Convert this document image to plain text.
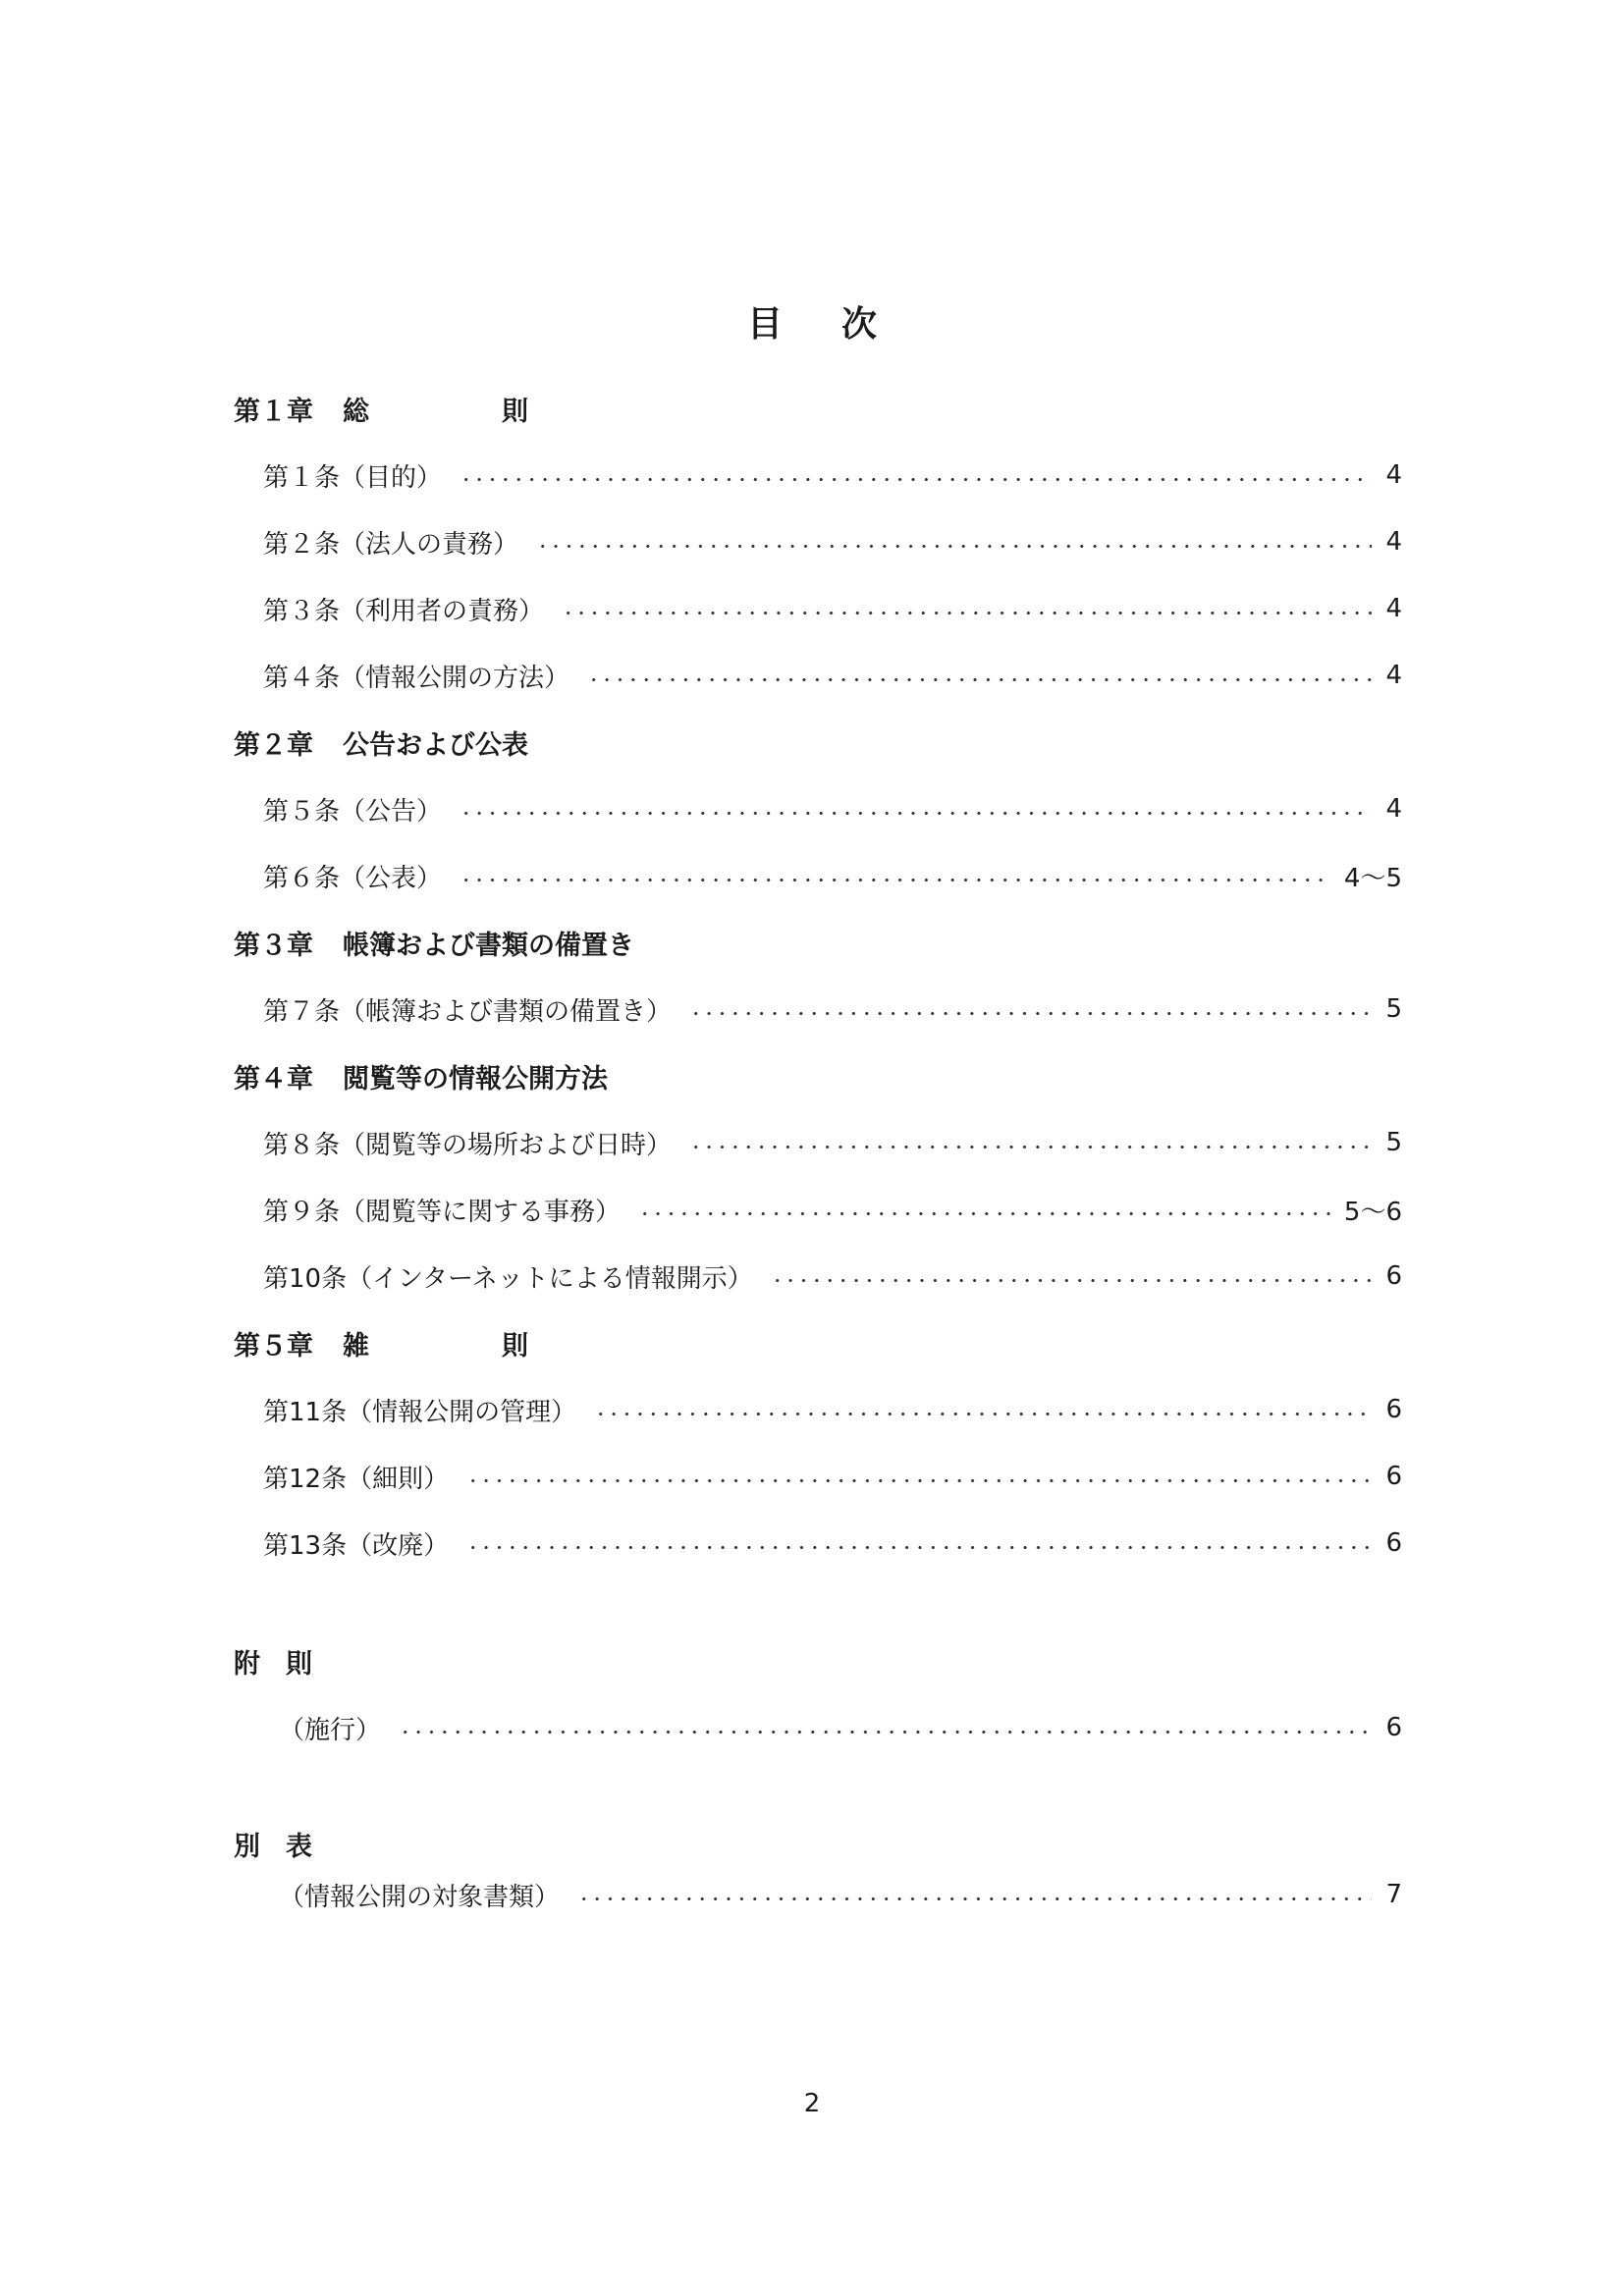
目 次
第１章 総　　　　　則
第１条（目的）	4
第２条（法人の責務）	4
第３条（利用者の責務）	4
第４条（情報公開の方法）	4
第２章 公告および公表
第５条（公告）	4
第６条（公表）	4〜5
第３章 帳簿および書類の備置き
第７条（帳簿および書類の備置き）	5
第４章 閲覧等の情報公開方法
第８条（閲覧等の場所および日時）	5
第９条（閲覧等に関する事務）	5〜6
第10条（インターネットによる情報開示）	6
第５章 雑　　　　　則
第11条（情報公開の管理）	6
第12条（細則）	6
第13条（改廃）	6
附 則
（施行）	6
別 表
（情報公開の対象書類）	7
2
